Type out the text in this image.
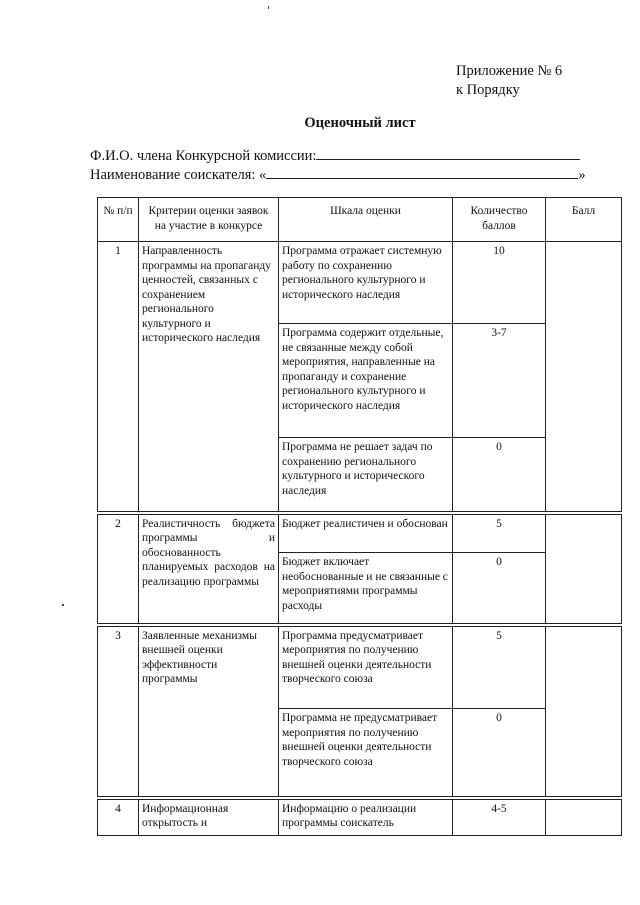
Приложение № 6
к Порядку
Оценочный лист
Ф.И.О. члена Конкурсной комиссии:
Наименование соискателя: «	»
№ п/п	Критерии оценки заявок на участие в конкурсе	Шкала оценки	Количество баллов	Балл
1	Направленность программы на пропаганду ценностей, связанных с сохранением регионального культурного и исторического наследия	Программа отражает системную работу по сохранению регионального культурного и исторического наследия	10	
		Программа содержит отдельные, не связанные между собой мероприятия, направленные на пропаганду и сохранение регионального культурного и исторического наследия	3-7	
		Программа не решает задач по сохранению регионального культурного и исторического наследия	0	
2	Реалистичность бюджета программы и обоснованность планируемых расходов на реализацию программы	Бюджет реалистичен и обоснован	5	
		Бюджет включает необоснованные и не связанные с мероприятиями программы расходы	0	
3	Заявленные механизмы внешней оценки эффективности программы	Программа предусматривает мероприятия по получению внешней оценки деятельности творческого союза	5	
		Программа не предусматривает мероприятия по получению внешней оценки деятельности творческого союза	0	
4	Информационная открытость и	Информацию о реализации программы соискатель	4-5	
